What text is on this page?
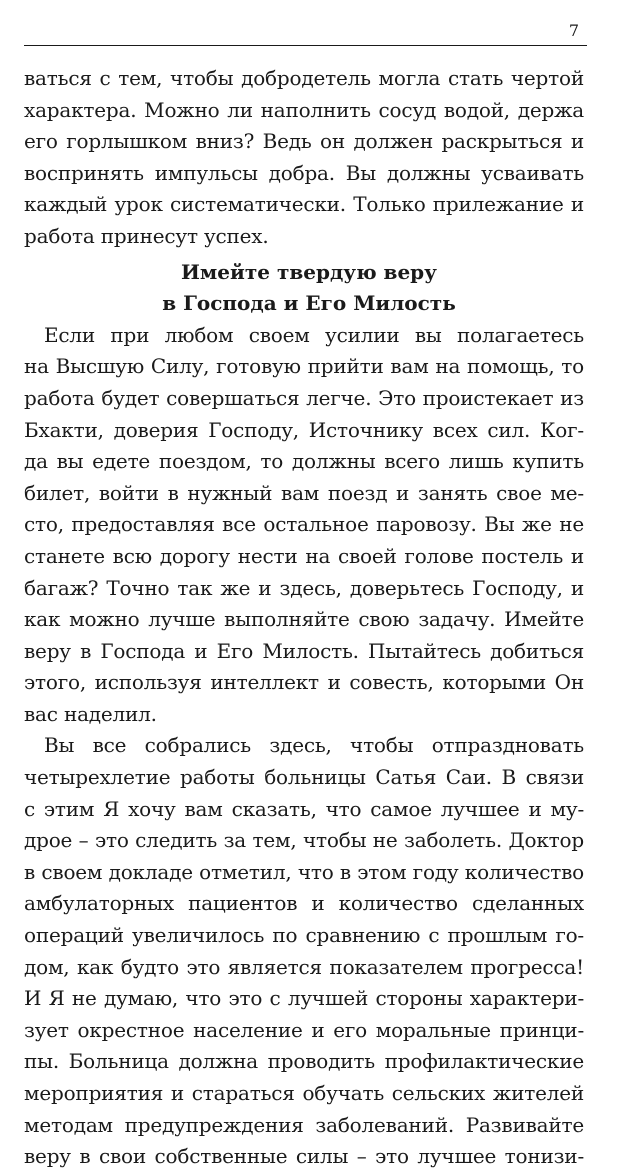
7
ваться с тем, чтобы добродетель могла стать чертой
характера. Можно ли наполнить сосуд водой, держа
его горлышком вниз? Ведь он должен раскрыться и
воспринять импульсы добра. Вы должны усваивать
каждый урок систематически. Только прилежание и
работа принесут успех.
Имейте твердую веру
в Господа и Его Милость
Если при любом своем усилии вы полагаетесь
на Высшую Силу, готовую прийти вам на помощь, то
работа будет совершаться легче. Это проистекает из
Бхакти, доверия Господу, Источнику всех сил. Ког-
да вы едете поездом, то должны всего лишь купить
билет, войти в нужный вам поезд и занять свое ме-
сто, предоставляя все остальное паровозу. Вы же не
станете всю дорогу нести на своей голове постель и
багаж? Точно так же и здесь, доверьтесь Господу, и
как можно лучше выполняйте свою задачу. Имейте
веру в Господа и Его Милость. Пытайтесь добиться
этого, используя интеллект и совесть, которыми Он
вас наделил.
Вы все собрались здесь, чтобы отпраздновать
четырехлетие работы больницы Сатья Саи. В связи
с этим Я хочу вам сказать, что самое лучшее и му-
дрое – это следить за тем, чтобы не заболеть. Доктор
в своем докладе отметил, что в этом году количество
амбулаторных пациентов и количество сделанных
операций увеличилось по сравнению с прошлым го-
дом, как будто это является показателем прогресса!
И Я не думаю, что это с лучшей стороны характери-
зует окрестное население и его моральные принци-
пы. Больница должна проводить профилактические
мероприятия и стараться обучать сельских жителей
методам предупреждения заболеваний. Развивайте
веру в свои собственные силы – это лучшее тонизи-
